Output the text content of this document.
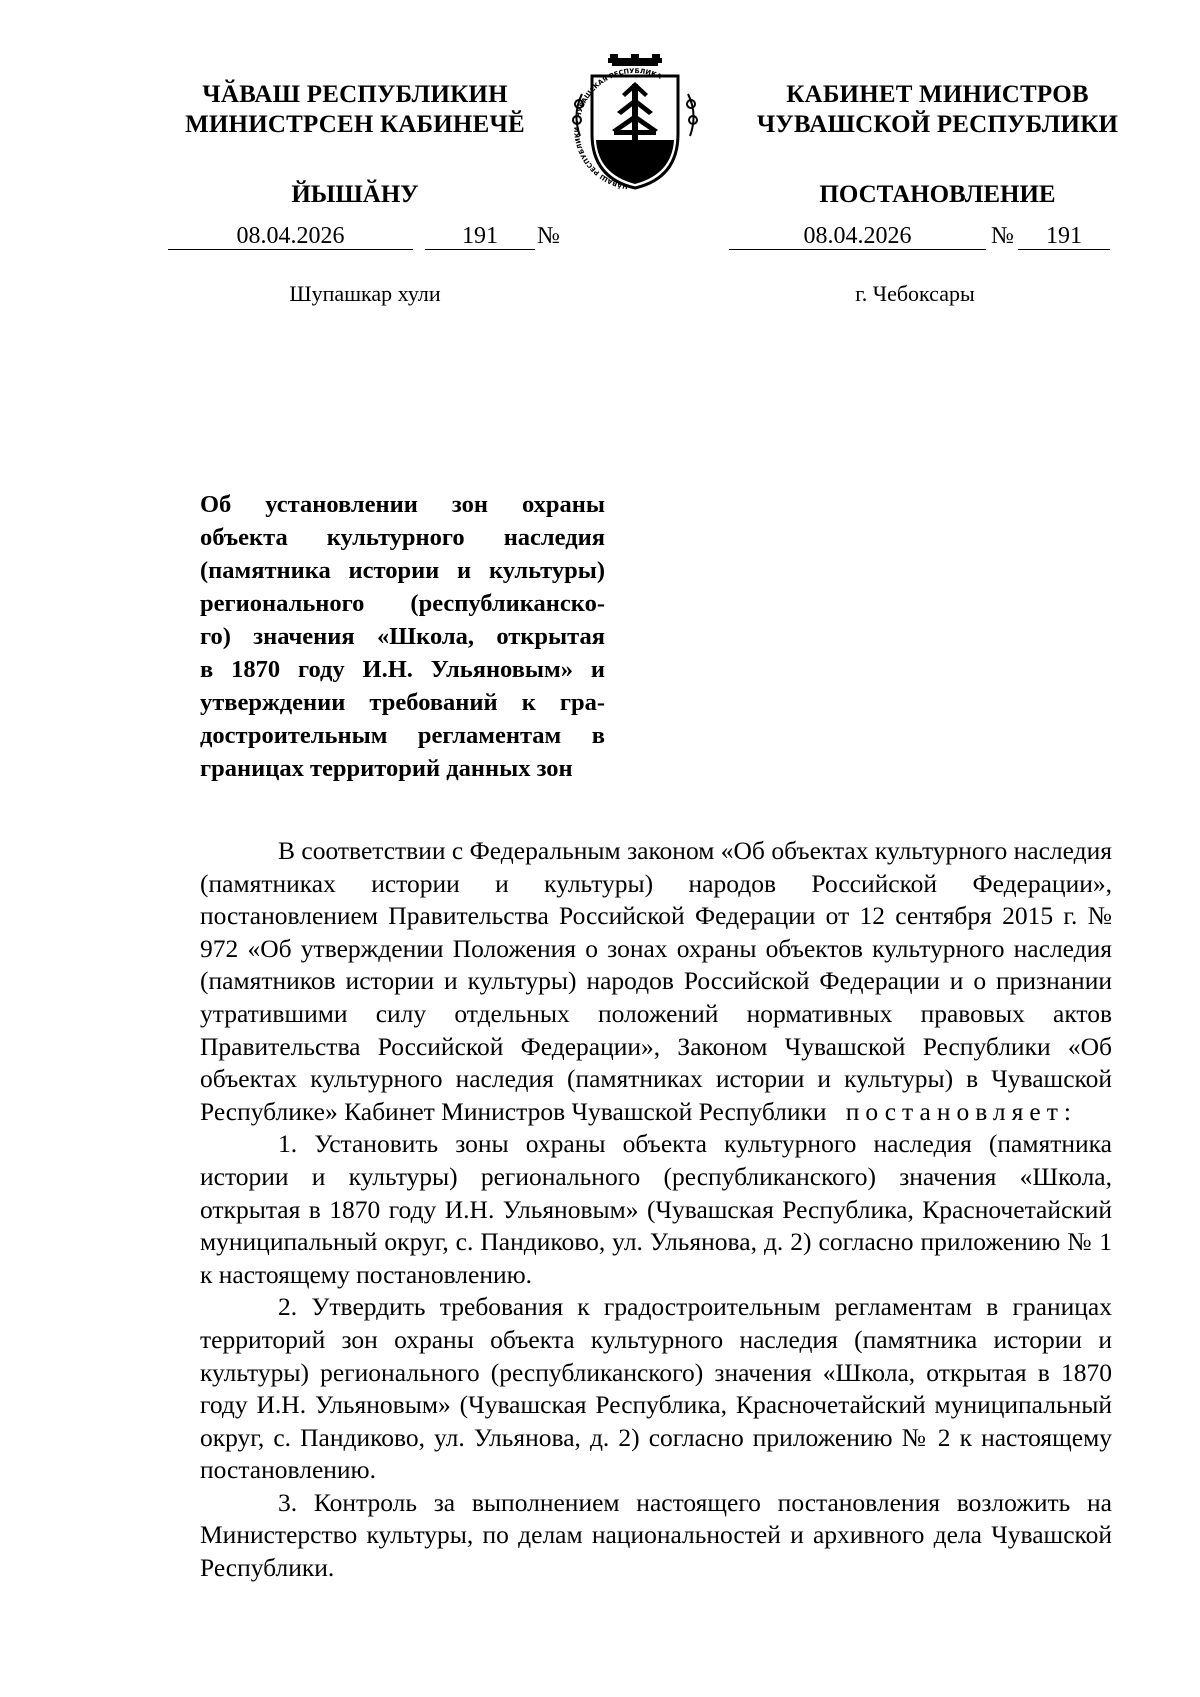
ЧӐВАШ РЕСПУБЛИКИН
МИНИСТРСЕН КАБИНЕЧӖ
ЙЫШӐНУ	ЧӐВАШ РЕСПУБЛИКИ • ЧУВАШСКАЯ РЕСПУБЛИКА
КАБИНЕТ МИНИСТРОВ
ЧУВАШСКОЙ РЕСПУБЛИКИ
ПОСТАНОВЛЕНИЕ
08.04.2026	191	№	08.04.2026	№	191
Шупашкар хули	г. Чебоксары
Об установлении зон охраны
объекта культурного наследия
(памятника истории и культуры)
регионального (республиканско-
го) значения «Школа, открытая
в 1870 году И.Н. Ульяновым» и
утверждении требований к гра-
достроительным регламентам в
границах территорий данных зон

В соответствии с Федеральным законом «Об объектах культурного наследия (памятниках истории и культуры) народов Российской Федерации», постановлением Правительства Российской Федерации от 12 сентября 2015 г. № 972 «Об утверждении Положения о зонах охраны объектов культурного наследия (памятников истории и культуры) народов Российской Федерации и о признании утратившими силу отдельных положений нормативных правовых актов Правительства Российской Федерации», Законом Чувашской Республики «Об объектах культурного наследия (памятниках истории и культуры) в Чувашской Республике» Кабинет Министров Чувашской Республики постановляет:

1. Установить зоны охраны объекта культурного наследия (памятника истории и культуры) регионального (республиканского) значения «Школа, открытая в 1870 году И.Н. Ульяновым» (Чувашская Республика, Красночетайский муниципальный округ, с. Пандиково, ул. Ульянова, д. 2) согласно приложению № 1 к настоящему постановлению.

2. Утвердить требования к градостроительным регламентам в границах территорий зон охраны объекта культурного наследия (памятника истории и культуры) регионального (республиканского) значения «Школа, открытая в 1870 году И.Н. Ульяновым» (Чувашская Республика, Красночетайский муниципальный округ, с. Пандиково, ул. Ульянова, д. 2) согласно приложению № 2 к настоящему постановлению.

3. Контроль за выполнением настоящего постановления возложить на Министерство культуры, по делам национальностей и архивного дела Чувашской Республики.
